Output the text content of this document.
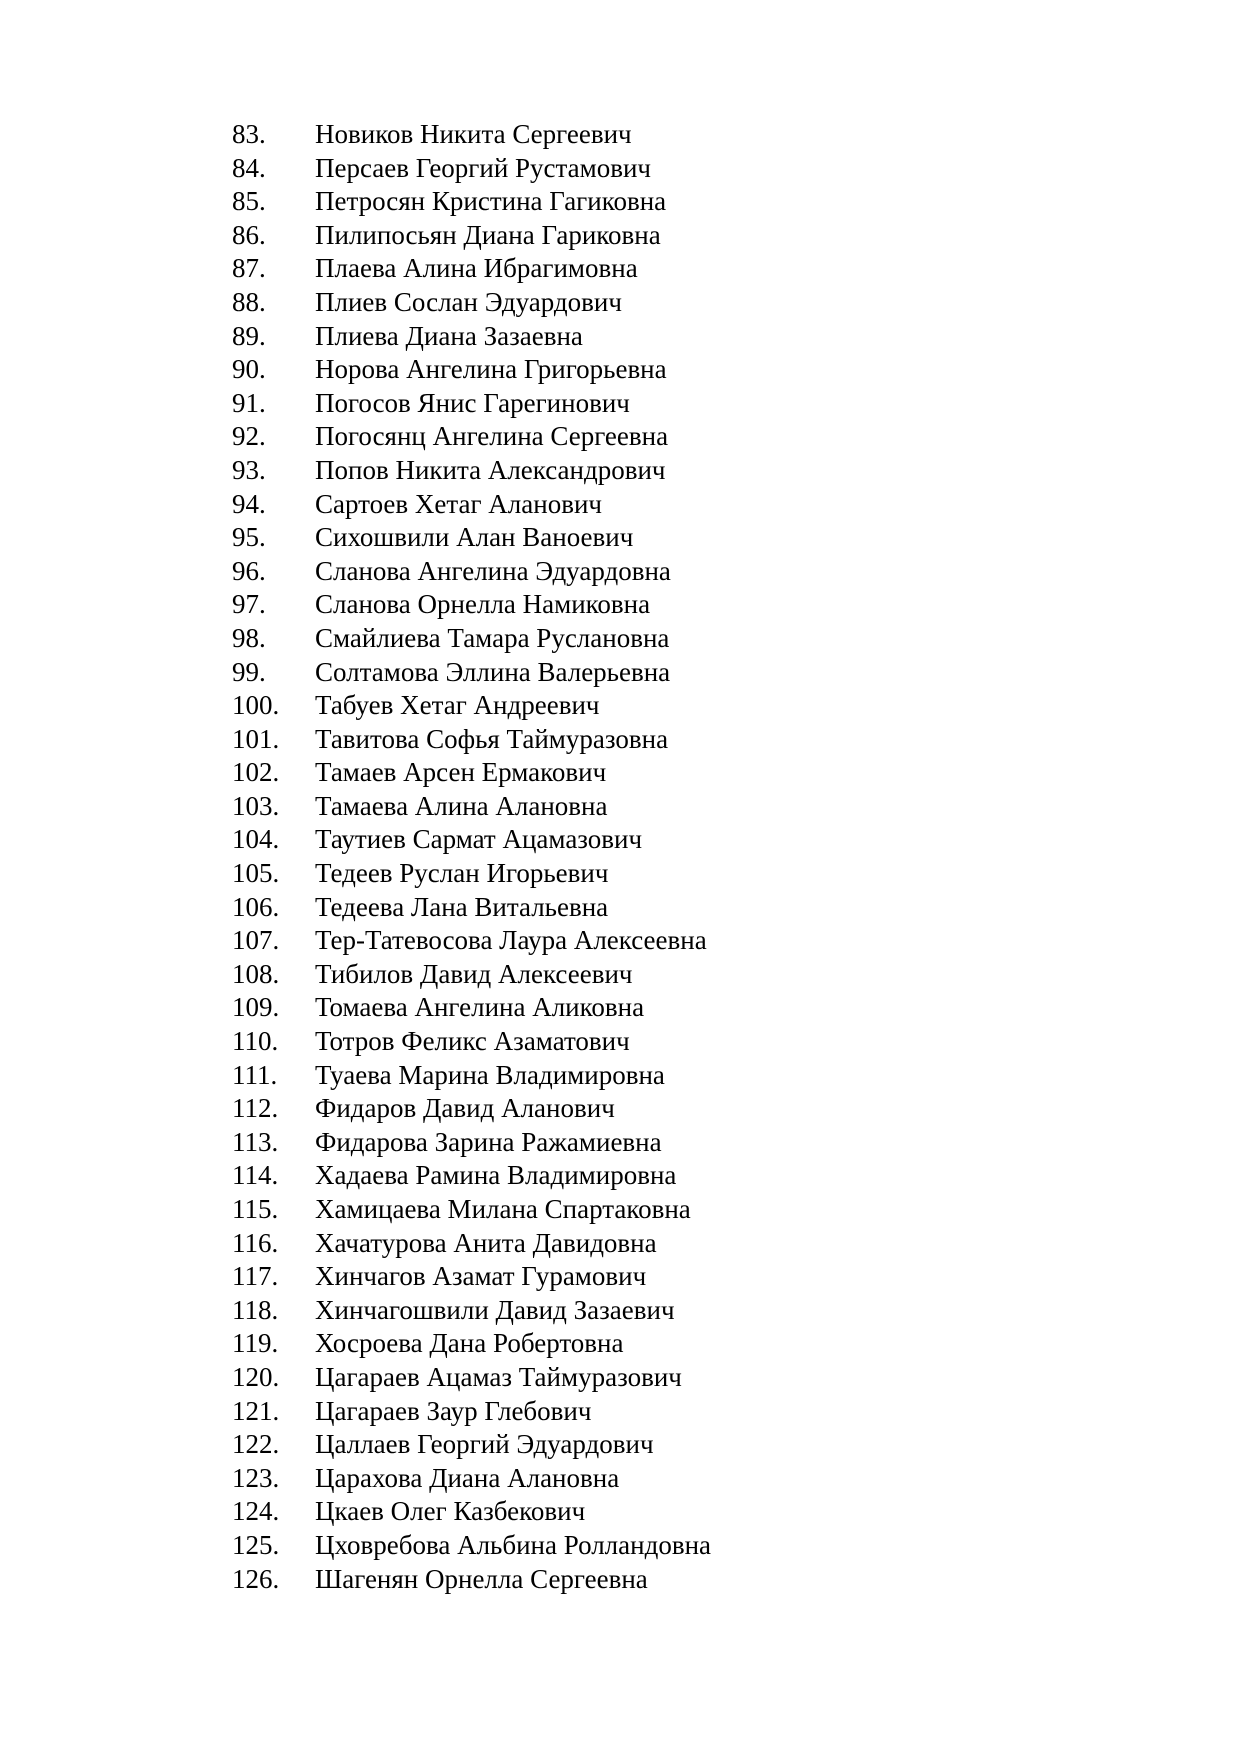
83.	Новиков Никита Сергеевич
84.	Персаев Георгий Рустамович
85.	Петросян Кристина Гагиковна
86.	Пилипосьян Диана Гариковна
87.	Плаева Алина Ибрагимовна
88.	Плиев Сослан Эдуардович
89.	Плиева Диана Зазаевна
90.	Норова Ангелина Григорьевна
91.	Погосов Янис Гарегинович
92.	Погосянц Ангелина Сергеевна
93.	Попов Никита Александрович
94.	Сартоев Хетаг Аланович
95.	Сихошвили Алан Ваноевич
96.	Сланова Ангелина Эдуардовна
97.	Сланова Орнелла Намиковна
98.	Смайлиева Тамара Руслановна
99.	Солтамова Эллина Валерьевна
100.	Табуев Хетаг Андреевич
101.	Тавитова Софья Таймуразовна
102.	Тамаев Арсен Ермакович
103.	Тамаева Алина Алановна
104.	Таутиев Сармат Ацамазович
105.	Тедеев Руслан Игорьевич
106.	Тедеева Лана Витальевна
107.	Тер-Татевосова Лаура Алексеевна
108.	Тибилов Давид Алексеевич
109.	Томаева Ангелина Аликовна
110.	Тотров Феликс Азаматович
111.	Туаева Марина Владимировна
112.	Фидаров Давид Аланович
113.	Фидарова Зарина Ражамиевна
114.	Хадаева Рамина Владимировна
115.	Хамицаева Милана Спартаковна
116.	Хачатурова Анита Давидовна
117.	Хинчагов Азамат Гурамович
118.	Хинчагошвили Давид Зазаевич
119.	Хосроева Дана Робертовна
120.	Цагараев Ацамаз Таймуразович
121.	Цагараев Заур Глебович
122.	Цаллаев Георгий Эдуардович
123.	Царахова Диана Алановна
124.	Цкаев Олег Казбекович
125.	Цховребова Альбина Ролландовна
126.	Шагенян Орнелла Сергеевна
